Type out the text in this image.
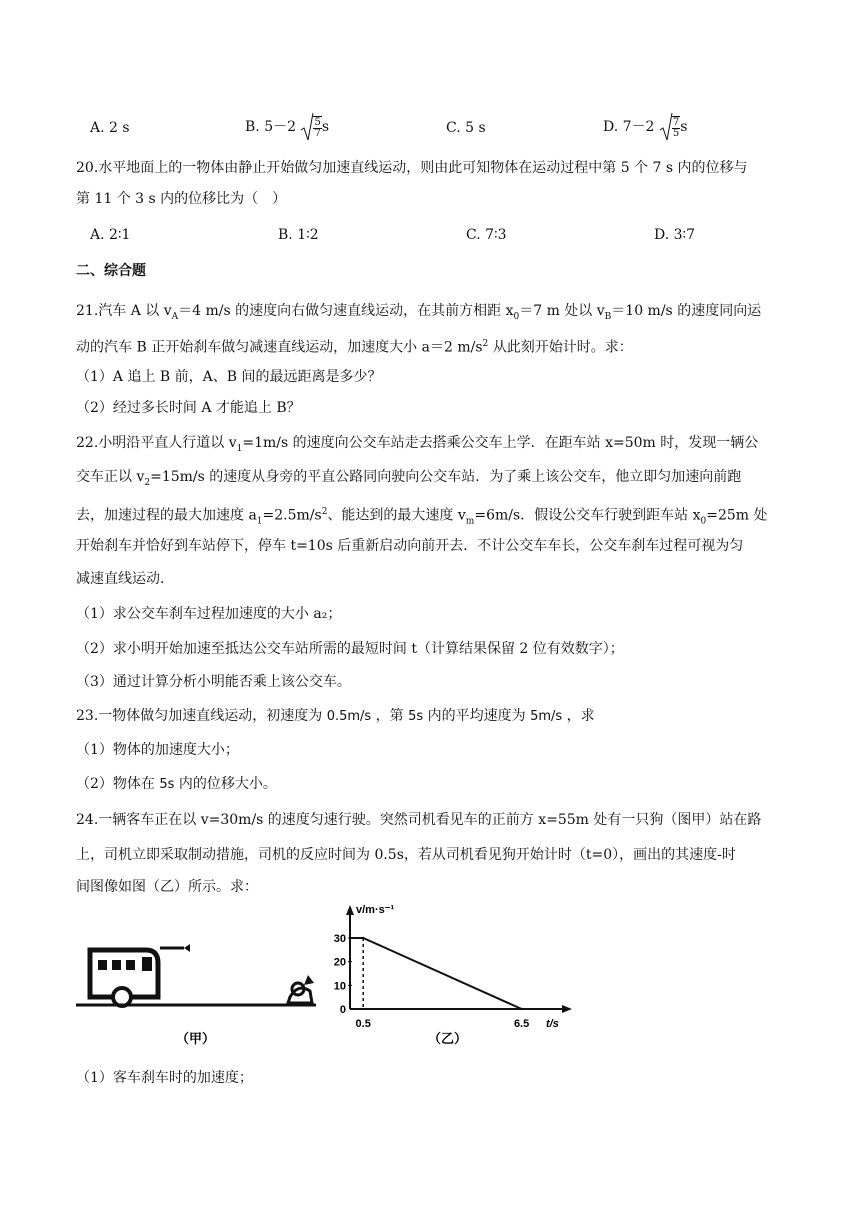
A. 2 s	B. $5-2 \frac{5}{7}$ s	C. 5 s	D. $7-2 \frac{7}{5}$ s
20.水平地面上的一物体由静止开始做匀加速直线运动，则由此可知物体在运动过程中第 5 个 7 s 内的位移与
第 11 个 3 s 内的位移比为（　）
A. 2∶1	B. 1∶2	C. 7∶3	D. 3∶7
二、综合题
21.汽车 A 以 $v_A=4$ m/s 的速度向右做匀速直线运动，在其前方相距 $x_0=7$ m 处以 $v_B=10$ m/s 的速度同向运
动的汽车 B 正开始刹车做匀减速直线运动，加速度大小 a＝2 $m/s^2$ 从此刻开始计时。求：
（1）A 追上 B 前，A、B 间的最远距离是多少？
（2）经过多长时间 A 才能追上 B？
22.小明沿平直人行道以 $v_1=1m/s$ 的速度向公交车站走去搭乘公交车上学．在距车站 x=50m 时，发现一辆公
交车正以 $v_2=15m/s$ 的速度从身旁的平直公路同向驶向公交车站．为了乘上该公交车，他立即匀加速向前跑
去，加速过程的最大加速度 $a_1=2.5m/s^2$、能达到的最大速度 $v_m=6m/s$．假设公交车行驶到距车站 $x_0=25m$ 处
开始刹车并恰好到车站停下，停车 t=10s 后重新启动向前开去．不计公交车车长，公交车刹车过程可视为匀
减速直线运动．
（1）求公交车刹车过程加速度的大小 a₂；
（2）求小明开始加速至抵达公交车站所需的最短时间 t（计算结果保留 2 位有效数字）；
（3）通过计算分析小明能否乘上该公交车。
23.一物体做匀加速直线运动，初速度为 0.5m/s ，第 5s 内的平均速度为 5m/s ，求
（1）物体的加速度大小；
（2）物体在 5s 内的位移大小。
24.一辆客车正在以 v=30m/s 的速度匀速行驶。突然司机看见车的正前方 x=55m 处有一只狗（图甲）站在路
上，司机立即采取制动措施，司机的反应时间为 0.5s，若从司机看见狗开始计时（t=0），画出的其速度-时
间图像如图（乙）所示。求：
（甲）
v/m·s⁻¹
t/s
0
10
20
30
0.5	6.5
（乙）
（1）客车刹车时的加速度；
